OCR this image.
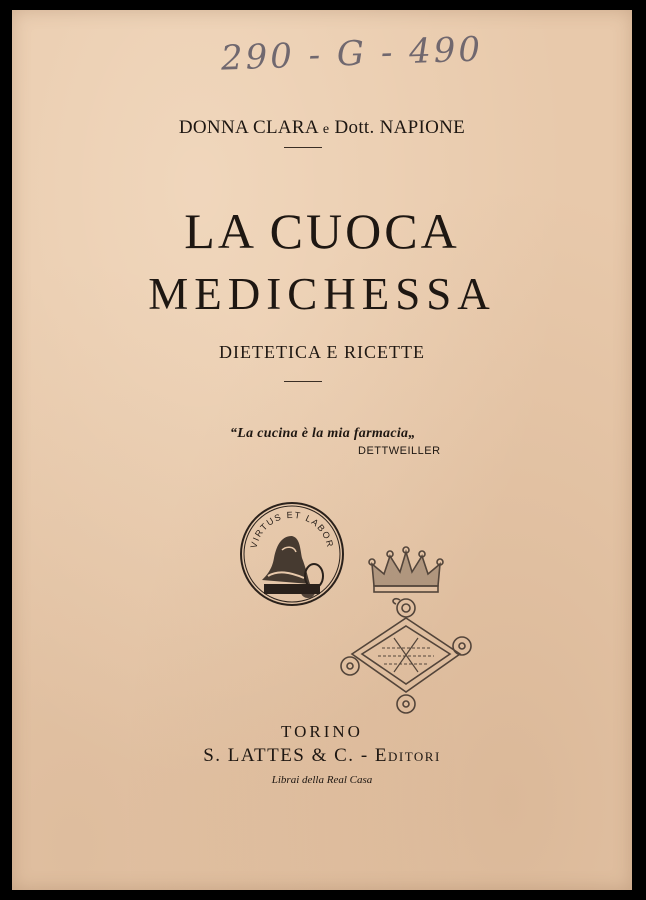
290 - G - 490
DONNA CLARA e Dott. NAPIONE
LA CUOCA
MEDICHESSA
DIETETICA E RICETTE
“La cucina è la mia farmacia„
DETTWEILLER
VIRTUS ET LABOR
TORINO
S. LATTES & C. - Editori
Librai della Real Casa
